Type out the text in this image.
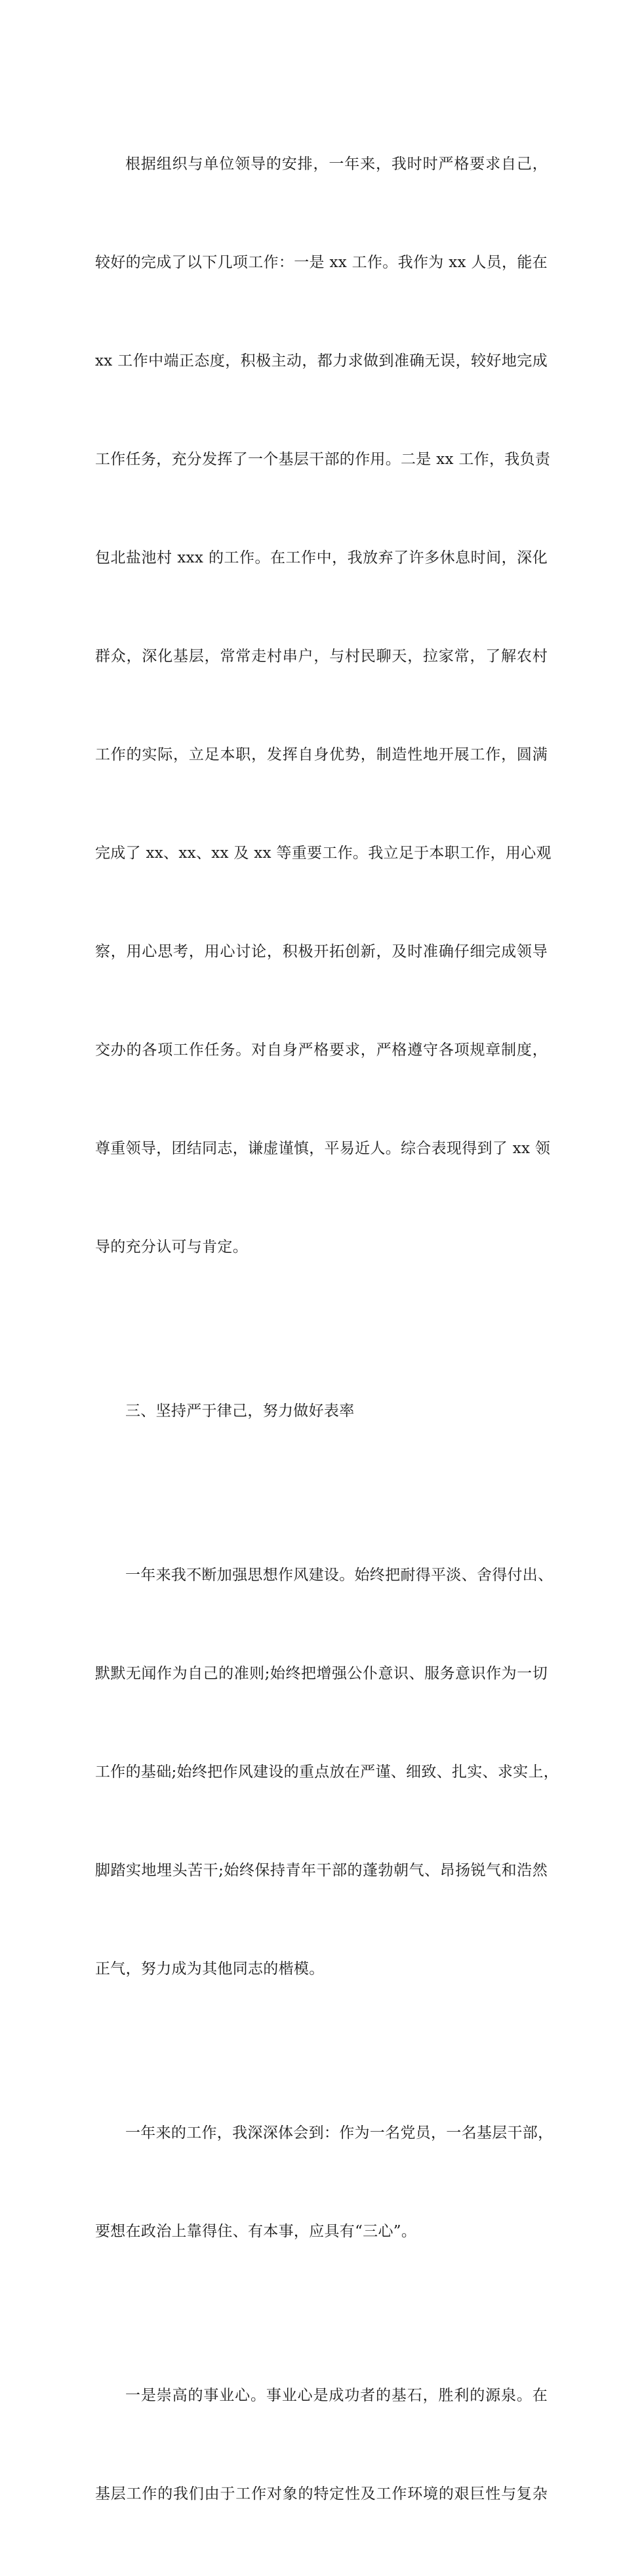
根据组织与单位领导的安排，一年来，我时时严格要求自己，

较好的完成了以下几项工作：一是 xx 工作。我作为 xx 人员，能在

xx 工作中端正态度，积极主动，都力求做到准确无误，较好地完成

工作任务，充分发挥了一个基层干部的作用。二是 xx 工作，我负责

包北盐池村 xxx 的工作。在工作中，我放弃了许多休息时间，深化

群众，深化基层，常常走村串户，与村民聊天，拉家常，了解农村

工作的实际，立足本职，发挥自身优势，制造性地开展工作，圆满

完成了 xx、xx、xx 及 xx 等重要工作。我立足于本职工作，用心观

察，用心思考，用心讨论，积极开拓创新，及时准确仔细完成领导

交办的各项工作任务。对自身严格要求，严格遵守各项规章制度，

尊重领导，团结同志，谦虚谨慎，平易近人。综合表现得到了 xx 领

导的充分认可与肯定。

三、坚持严于律己，努力做好表率

一年来我不断加强思想作风建设。始终把耐得平淡、舍得付出、

默默无闻作为自己的准则;始终把增强公仆意识、服务意识作为一切

工作的基础;始终把作风建设的重点放在严谨、细致、扎实、求实上，

脚踏实地埋头苦干;始终保持青年干部的蓬勃朝气、昂扬锐气和浩然

正气，努力成为其他同志的楷模。

一年来的工作，我深深体会到：作为一名党员，一名基层干部，

要想在政治上靠得住、有本事，应具有“三心”。

一是崇高的事业心。事业心是成功者的基石，胜利的源泉。在

基层工作的我们由于工作对象的特定性及工作环境的艰巨性与复杂
